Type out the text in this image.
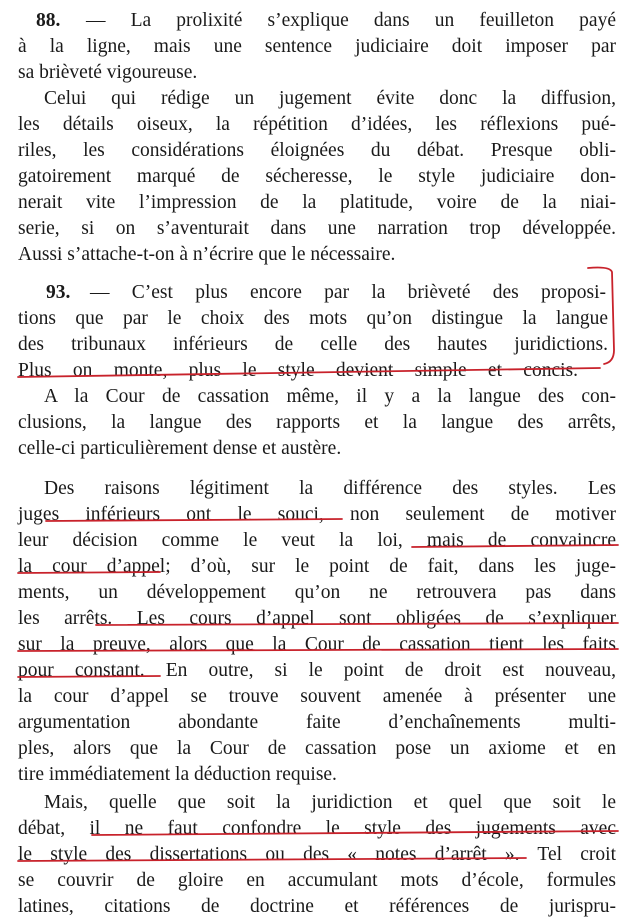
88. — La prolixité s’explique dans un feuilleton payé
à la ligne, mais une sentence judiciaire doit imposer par
sa brièveté vigoureuse.
Celui qui rédige un jugement évite donc la diffusion,
les détails oiseux, la répétition d’idées, les réflexions pué-
riles, les considérations éloignées du débat. Presque obli-
gatoirement marqué de sécheresse, le style judiciaire don-
nerait vite l’impression de la platitude, voire de la niai-
serie, si on s’aventurait dans une narration trop développée.
Aussi s’attache-t-on à n’écrire que le nécessaire.
93. — C’est plus encore par la brièveté des proposi-
tions que par le choix des mots qu’on distingue la langue
des tribunaux inférieurs de celle des hautes juridictions.
Plus on monte, plus le style devient simple et concis.
A la Cour de cassation même, il y a la langue des con-
clusions, la langue des rapports et la langue des arrêts,
celle-ci particulièrement dense et austère.
Des raisons légitiment la différence des styles. Les
juges inférieurs ont le souci, non seulement de motiver
leur décision comme le veut la loi, mais de convaincre
la cour d’appel; d’où, sur le point de fait, dans les juge-
ments, un développement qu’on ne retrouvera pas dans
les arrêts. Les cours d’appel sont obligées de s’expliquer
sur la preuve, alors que la Cour de cassation tient les faits
pour constant. En outre, si le point de droit est nouveau,
la cour d’appel se trouve souvent amenée à présenter une
argumentation abondante faite d’enchaînements multi-
ples, alors que la Cour de cassation pose un axiome et en
tire immédiatement la déduction requise.
Mais, quelle que soit la juridiction et quel que soit le
débat, il ne faut confondre le style des jugements avec
le style des dissertations ou des « notes d’arrêt ». Tel croit
se couvrir de gloire en accumulant mots d’école, formules
latines, citations de doctrine et références de jurispru-
